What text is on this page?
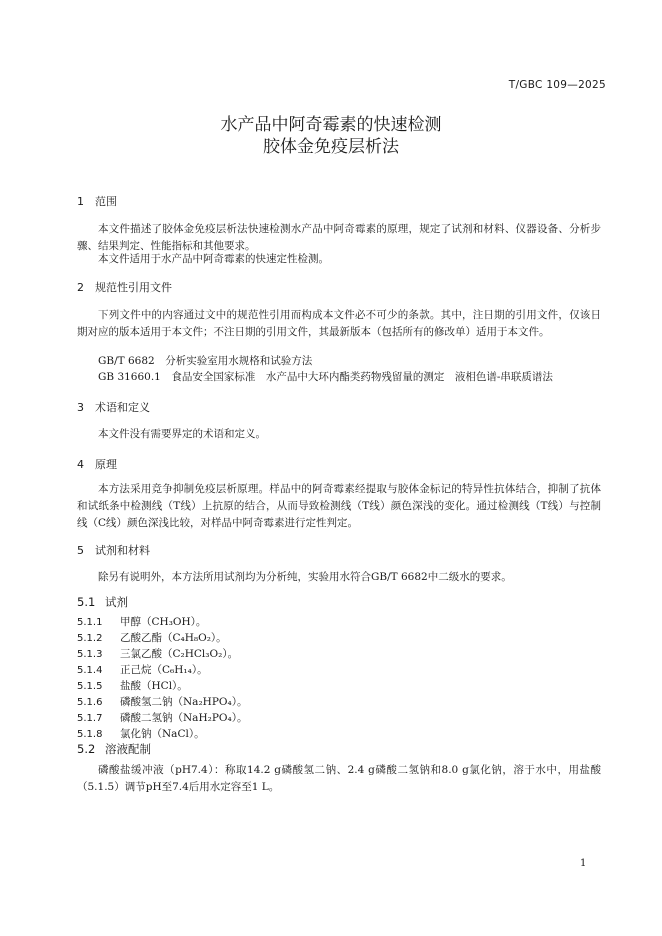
T/GBC 109—2025
水产品中阿奇霉素的快速检测
胶体金免疫层析法
1 范围
本文件描述了胶体金免疫层析法快速检测水产品中阿奇霉素的原理，规定了试剂和材料、仪器设备、分析步骤、结果判定、性能指标和其他要求。
本文件适用于水产品中阿奇霉素的快速定性检测。
2 规范性引用文件
下列文件中的内容通过文中的规范性引用而构成本文件必不可少的条款。其中，注日期的引用文件，仅该日期对应的版本适用于本文件；不注日期的引用文件，其最新版本（包括所有的修改单）适用于本文件。
GB/T 6682　分析实验室用水规格和试验方法
GB 31660.1　食品安全国家标准　水产品中大环内酯类药物残留量的测定　液相色谱-串联质谱法
3 术语和定义
本文件没有需要界定的术语和定义。
4 原理
本方法采用竞争抑制免疫层析原理。样品中的阿奇霉素经提取与胶体金标记的特异性抗体结合，抑制了抗体和试纸条中检测线（T线）上抗原的结合，从而导致检测线（T线）颜色深浅的变化。通过检测线（T线）与控制线（C线）颜色深浅比较，对样品中阿奇霉素进行定性判定。
5 试剂和材料
除另有说明外，本方法所用试剂均为分析纯，实验用水符合GB/T 6682中二级水的要求。
5.1 试剂
5.1.1 甲醇（CH₃OH）。
5.1.2 乙酸乙酯（C₄H₈O₂）。
5.1.3 三氯乙酸（C₂HCl₃O₂）。
5.1.4 正己烷（C₆H₁₄）。
5.1.5 盐酸（HCl）。
5.1.6 磷酸氢二钠（Na₂HPO₄）。
5.1.7 磷酸二氢钠（NaH₂PO₄）。
5.1.8 氯化钠（NaCl）。
5.2 溶液配制
磷酸盐缓冲液（pH7.4）：称取14.2 g磷酸氢二钠、2.4 g磷酸二氢钠和8.0 g氯化钠，溶于水中，用盐酸（5.1.5）调节pH至7.4后用水定容至1 L。
1
